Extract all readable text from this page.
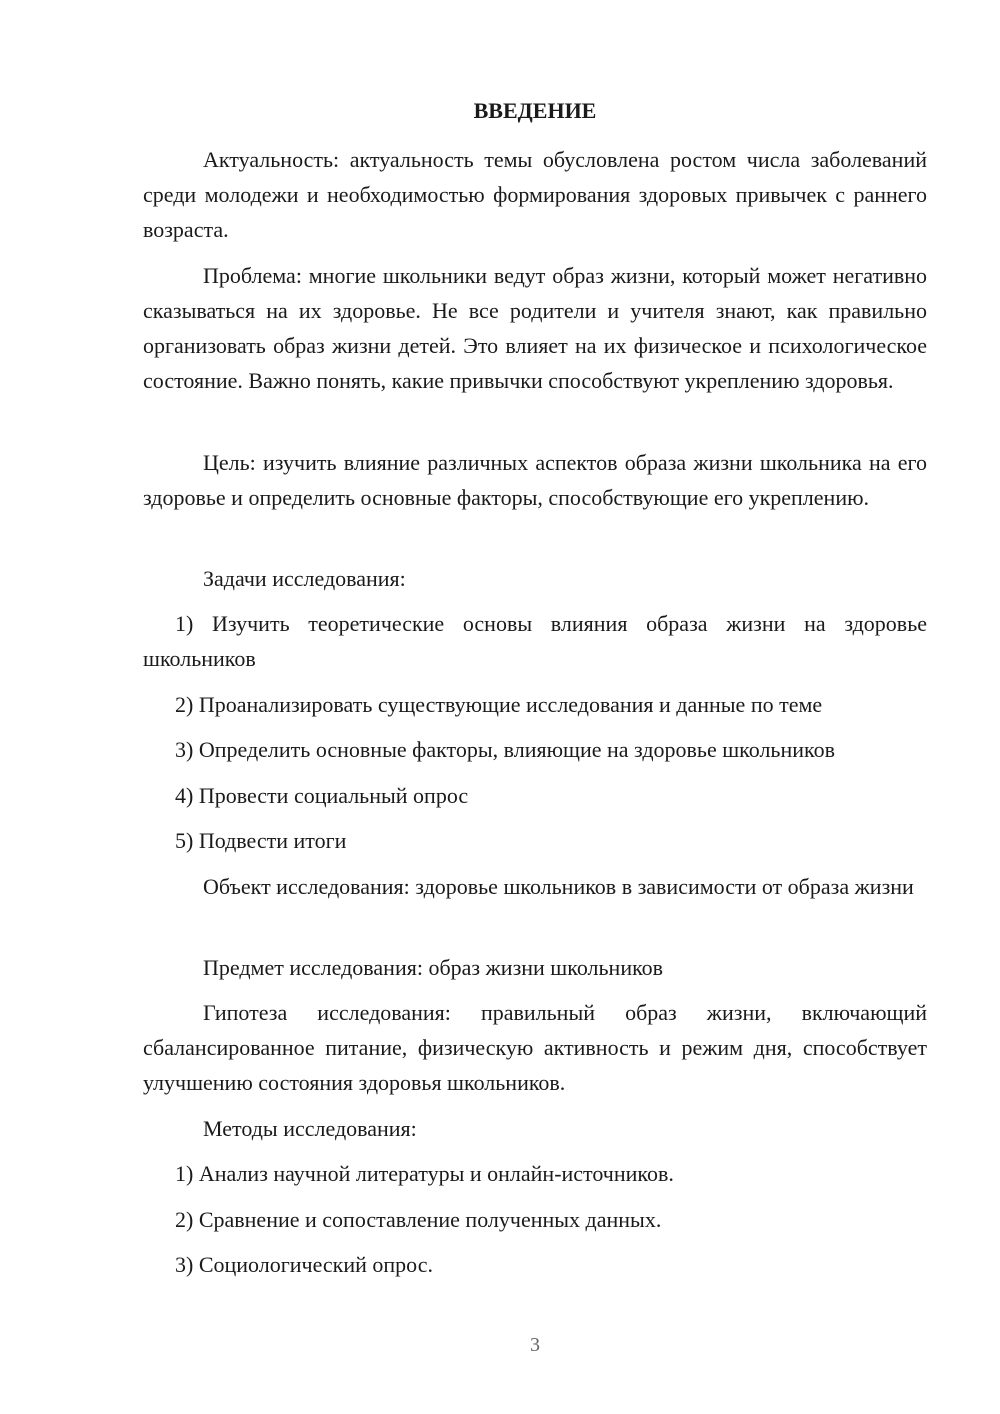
ВВЕДЕНИЕ
Актуальность: актуальность темы обусловлена ростом числа заболеваний среди молодежи и необходимостью формирования здоровых привычек с раннего возраста.
Проблема: многие школьники ведут образ жизни, который может негативно сказываться на их здоровье. Не все родители и учителя знают, как правильно организовать образ жизни детей. Это влияет на их физическое и психологическое состояние. Важно понять, какие привычки способствуют укреплению здоровья.
Цель: изучить влияние различных аспектов образа жизни школьника на его здоровье и определить основные факторы, способствующие его укреплению.
Задачи исследования:
1) Изучить теоретические основы влияния образа жизни на здоровье школьников
2) Проанализировать существующие исследования и данные по теме
3) Определить основные факторы, влияющие на здоровье школьников
4) Провести социальный опрос
5) Подвести итоги
Объект исследования: здоровье школьников в зависимости от образа жизни
Предмет исследования: образ жизни школьников
Гипотеза исследования: правильный образ жизни, включающий сбалансированное питание, физическую активность и режим дня, способствует улучшению состояния здоровья школьников.
Методы исследования:
1) Анализ научной литературы и онлайн-источников.
2) Сравнение и сопоставление полученных данных.
3) Социологический опрос.
3
